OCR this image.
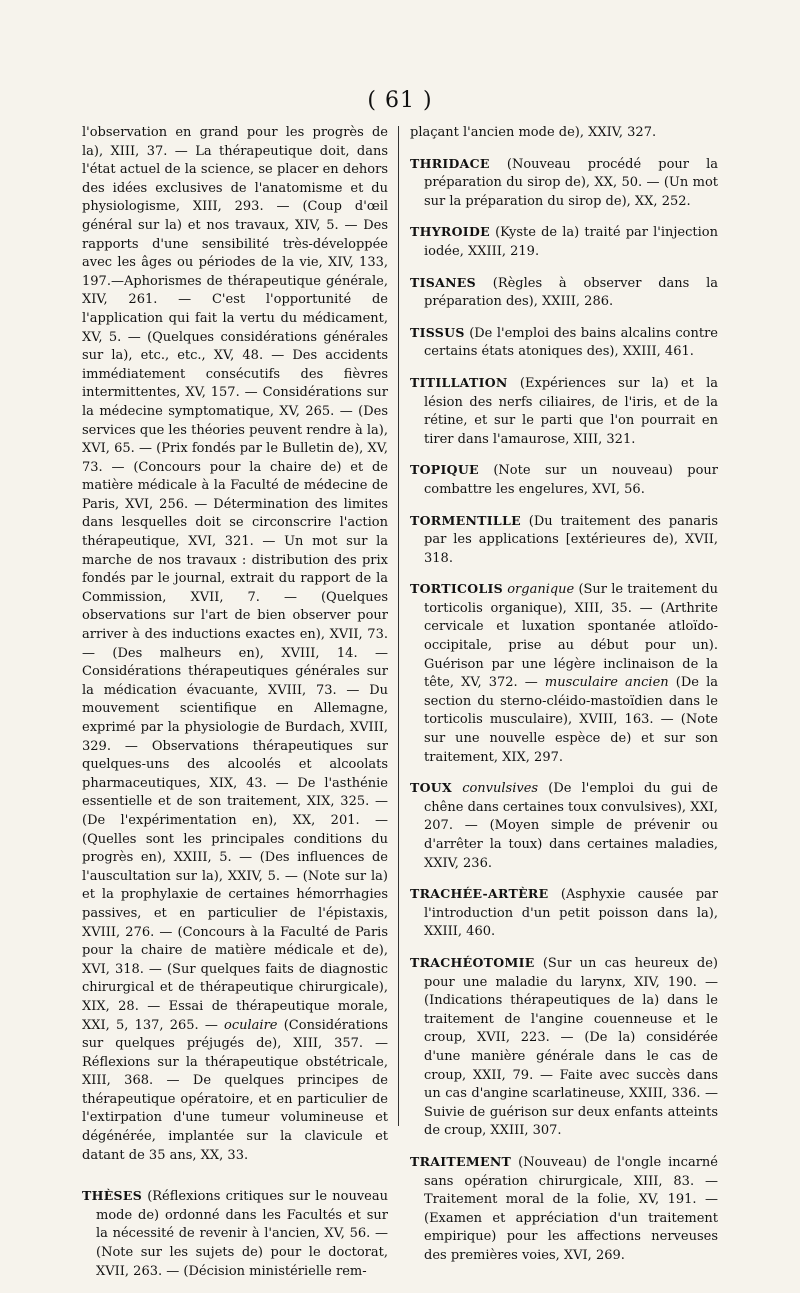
( 61 )

l'observation en grand pour les progrès de la), XIII, 37. — La thérapeutique doit, dans l'état actuel de la science, se placer en dehors des idées exclusives de l'anatomisme et du physiologisme, XIII, 293. — (Coup d'œil général sur la) et nos travaux, XIV, 5. — Des rapports d'une sensibilité très-développée avec les âges ou périodes de la vie, XIV, 133, 197.—Aphorismes de thérapeutique générale, XIV, 261. — C'est l'opportunité de l'application qui fait la vertu du médicament, XV, 5. — (Quelques considérations générales sur la), etc., etc., XV, 48. — Des accidents immédiatement consécutifs des fièvres intermittentes, XV, 157. — Considérations sur la médecine symptomatique, XV, 265. — (Des services que les théories peuvent rendre à la), XVI, 65. — (Prix fondés par le Bulletin de), XV, 73. — (Concours pour la chaire de) et de matière médicale à la Faculté de médecine de Paris, XVI, 256. — Détermination des limites dans lesquelles doit se circonscrire l'action thérapeutique, XVI, 321. — Un mot sur la marche de nos travaux : distribution des prix fondés par le journal, extrait du rapport de la Commission, XVII, 7. — (Quelques observations sur l'art de bien observer pour arriver à des inductions exactes en), XVII, 73. — (Des malheurs en), XVIII, 14. — Considérations thérapeutiques générales sur la médication évacuante, XVIII, 73. — Du mouvement scientifique en Allemagne, exprimé par la physiologie de Burdach, XVIII, 329. — Observations thérapeutiques sur quelques-uns des alcoolés et alcoolats pharmaceutiques, XIX, 43. — De l'asthénie essentielle et de son traitement, XIX, 325. — (De l'expérimentation en), XX, 201. — (Quelles sont les principales conditions du progrès en), XXIII, 5. — (Des influences de l'auscultation sur la), XXIV, 5. — (Note sur la) et la prophylaxie de certaines hémorrhagies passives, et en particulier de l'épistaxis, XVIII, 276. — (Concours à la Faculté de Paris pour la chaire de matière médicale et de), XVI, 318. — (Sur quelques faits de diagnostic chirurgical et de thérapeutique chirurgicale), XIX, 28. — Essai de thérapeutique morale, XXI, 5, 137, 265. — oculaire (Considérations sur quelques préjugés de), XIII, 357. — Réflexions sur la thérapeutique obstétricale, XIII, 368. — De quelques principes de thérapeutique opératoire, et en particulier de l'extirpation d'une tumeur volumineuse et dégénérée, implantée sur la clavicule et datant de 35 ans, XX, 33.

THÈSES (Réflexions critiques sur le nouveau mode de) ordonné dans les Facultés et sur la nécessité de revenir à l'ancien, XV, 56. — (Note sur les sujets de) pour le doctorat, XVII, 263. — (Décision ministérielle rem-

plaçant l'ancien mode de), XXIV, 327.

THRIDACE (Nouveau procédé pour la préparation du sirop de), XX, 50. — (Un mot sur la préparation du sirop de), XX, 252.

THYROIDE (Kyste de la) traité par l'injection iodée, XXIII, 219.

TISANES (Règles à observer dans la préparation des), XXIII, 286.

TISSUS (De l'emploi des bains alcalins contre certains états atoniques des), XXIII, 461.

TITILLATION (Expériences sur la) et la lésion des nerfs ciliaires, de l'iris, et de la rétine, et sur le parti que l'on pourrait en tirer dans l'amaurose, XIII, 321.

TOPIQUE (Note sur un nouveau) pour combattre les engelures, XVI, 56.

TORMENTILLE (Du traitement des panaris par les applications [extérieures de), XVII, 318.

TORTICOLIS organique (Sur le traitement du torticolis organique), XIII, 35. — (Arthrite cervicale et luxation spontanée atloïdo-occipitale, prise au début pour un). Guérison par une légère inclinaison de la tête, XV, 372. — musculaire ancien (De la section du sterno-cléido-mastoïdien dans le torticolis musculaire), XVIII, 163. — (Note sur une nouvelle espèce de) et sur son traitement, XIX, 297.

TOUX convulsives (De l'emploi du gui de chêne dans certaines toux convulsives), XXI, 207. — (Moyen simple de prévenir ou d'arrêter la toux) dans certaines maladies, XXIV, 236.

TRACHÉE-ARTÈRE (Asphyxie causée par l'introduction d'un petit poisson dans la), XXIII, 460.

TRACHÉOTOMIE (Sur un cas heureux de) pour une maladie du larynx, XIV, 190. — (Indications thérapeutiques de la) dans le traitement de l'angine couenneuse et le croup, XVII, 223. — (De la) considérée d'une manière générale dans le cas de croup, XXII, 79. — Faite avec succès dans un cas d'angine scarlatineuse, XXIII, 336. — Suivie de guérison sur deux enfants atteints de croup, XXIII, 307.

TRAITEMENT (Nouveau) de l'ongle incarné sans opération chirurgicale, XIII, 83. — Traitement moral de la folie, XV, 191. — (Examen et appréciation d'un traitement empirique) pour les affections nerveuses des premières voies, XVI, 269.
